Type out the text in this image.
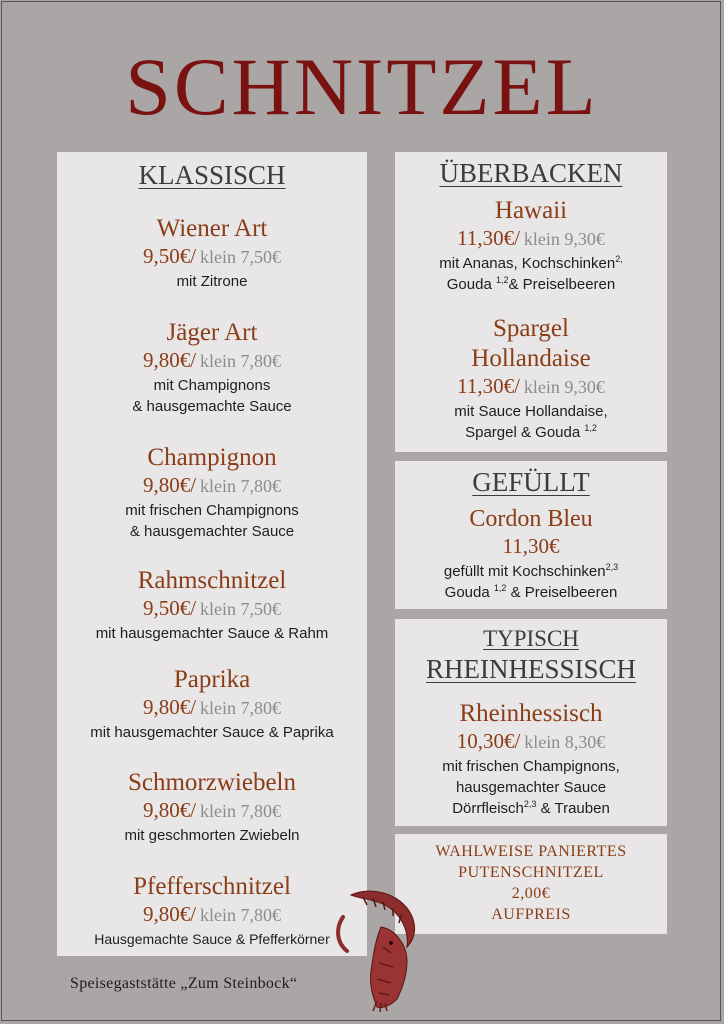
SCHNITZEL
KLASSISCH
Wiener Art
9,50€/ klein 7,50€
mit Zitrone
Jäger Art
9,80€/ klein 7,80€
mit Champignons
& hausgemachte Sauce
Champignon
9,80€/ klein 7,80€
mit frischen Champignons
& hausgemachter Sauce
Rahmschnitzel
9,50€/ klein 7,50€
mit hausgemachter Sauce & Rahm
Paprika
9,80€/ klein 7,80€
mit hausgemachter Sauce & Paprika
Schmorzwiebeln
9,80€/ klein 7,80€
mit geschmorten Zwiebeln
Pfefferschnitzel
9,80€/ klein 7,80€
Hausgemachte Sauce & Pfefferkörner
ÜBERBACKEN
Hawaii
11,30€/ klein 9,30€
mit Ananas, Kochschinken$^{2,}$
Gouda $^{1,2}$& Preiselbeeren
Spargel
Hollandaise
11,30€/ klein 9,30€
mit Sauce Hollandaise,
Spargel & Gouda $^{1,2}$
GEFÜLLT
Cordon Bleu
11,30€
gefüllt mit Kochschinken$^{2,3}$
Gouda $^{1,2}$ & Preiselbeeren
TYPISCH
RHEINHESSISCH
Rheinhessisch
10,30€/ klein 8,30€
mit frischen Champignons,
hausgemachter Sauce
Dörrfleisch$^{2,3}$ & Trauben
WAHLWEISE PANIERTES
PUTENSCHNITZEL
2,00€
AUFPREIS
Speisegaststätte „Zum Steinbock“
